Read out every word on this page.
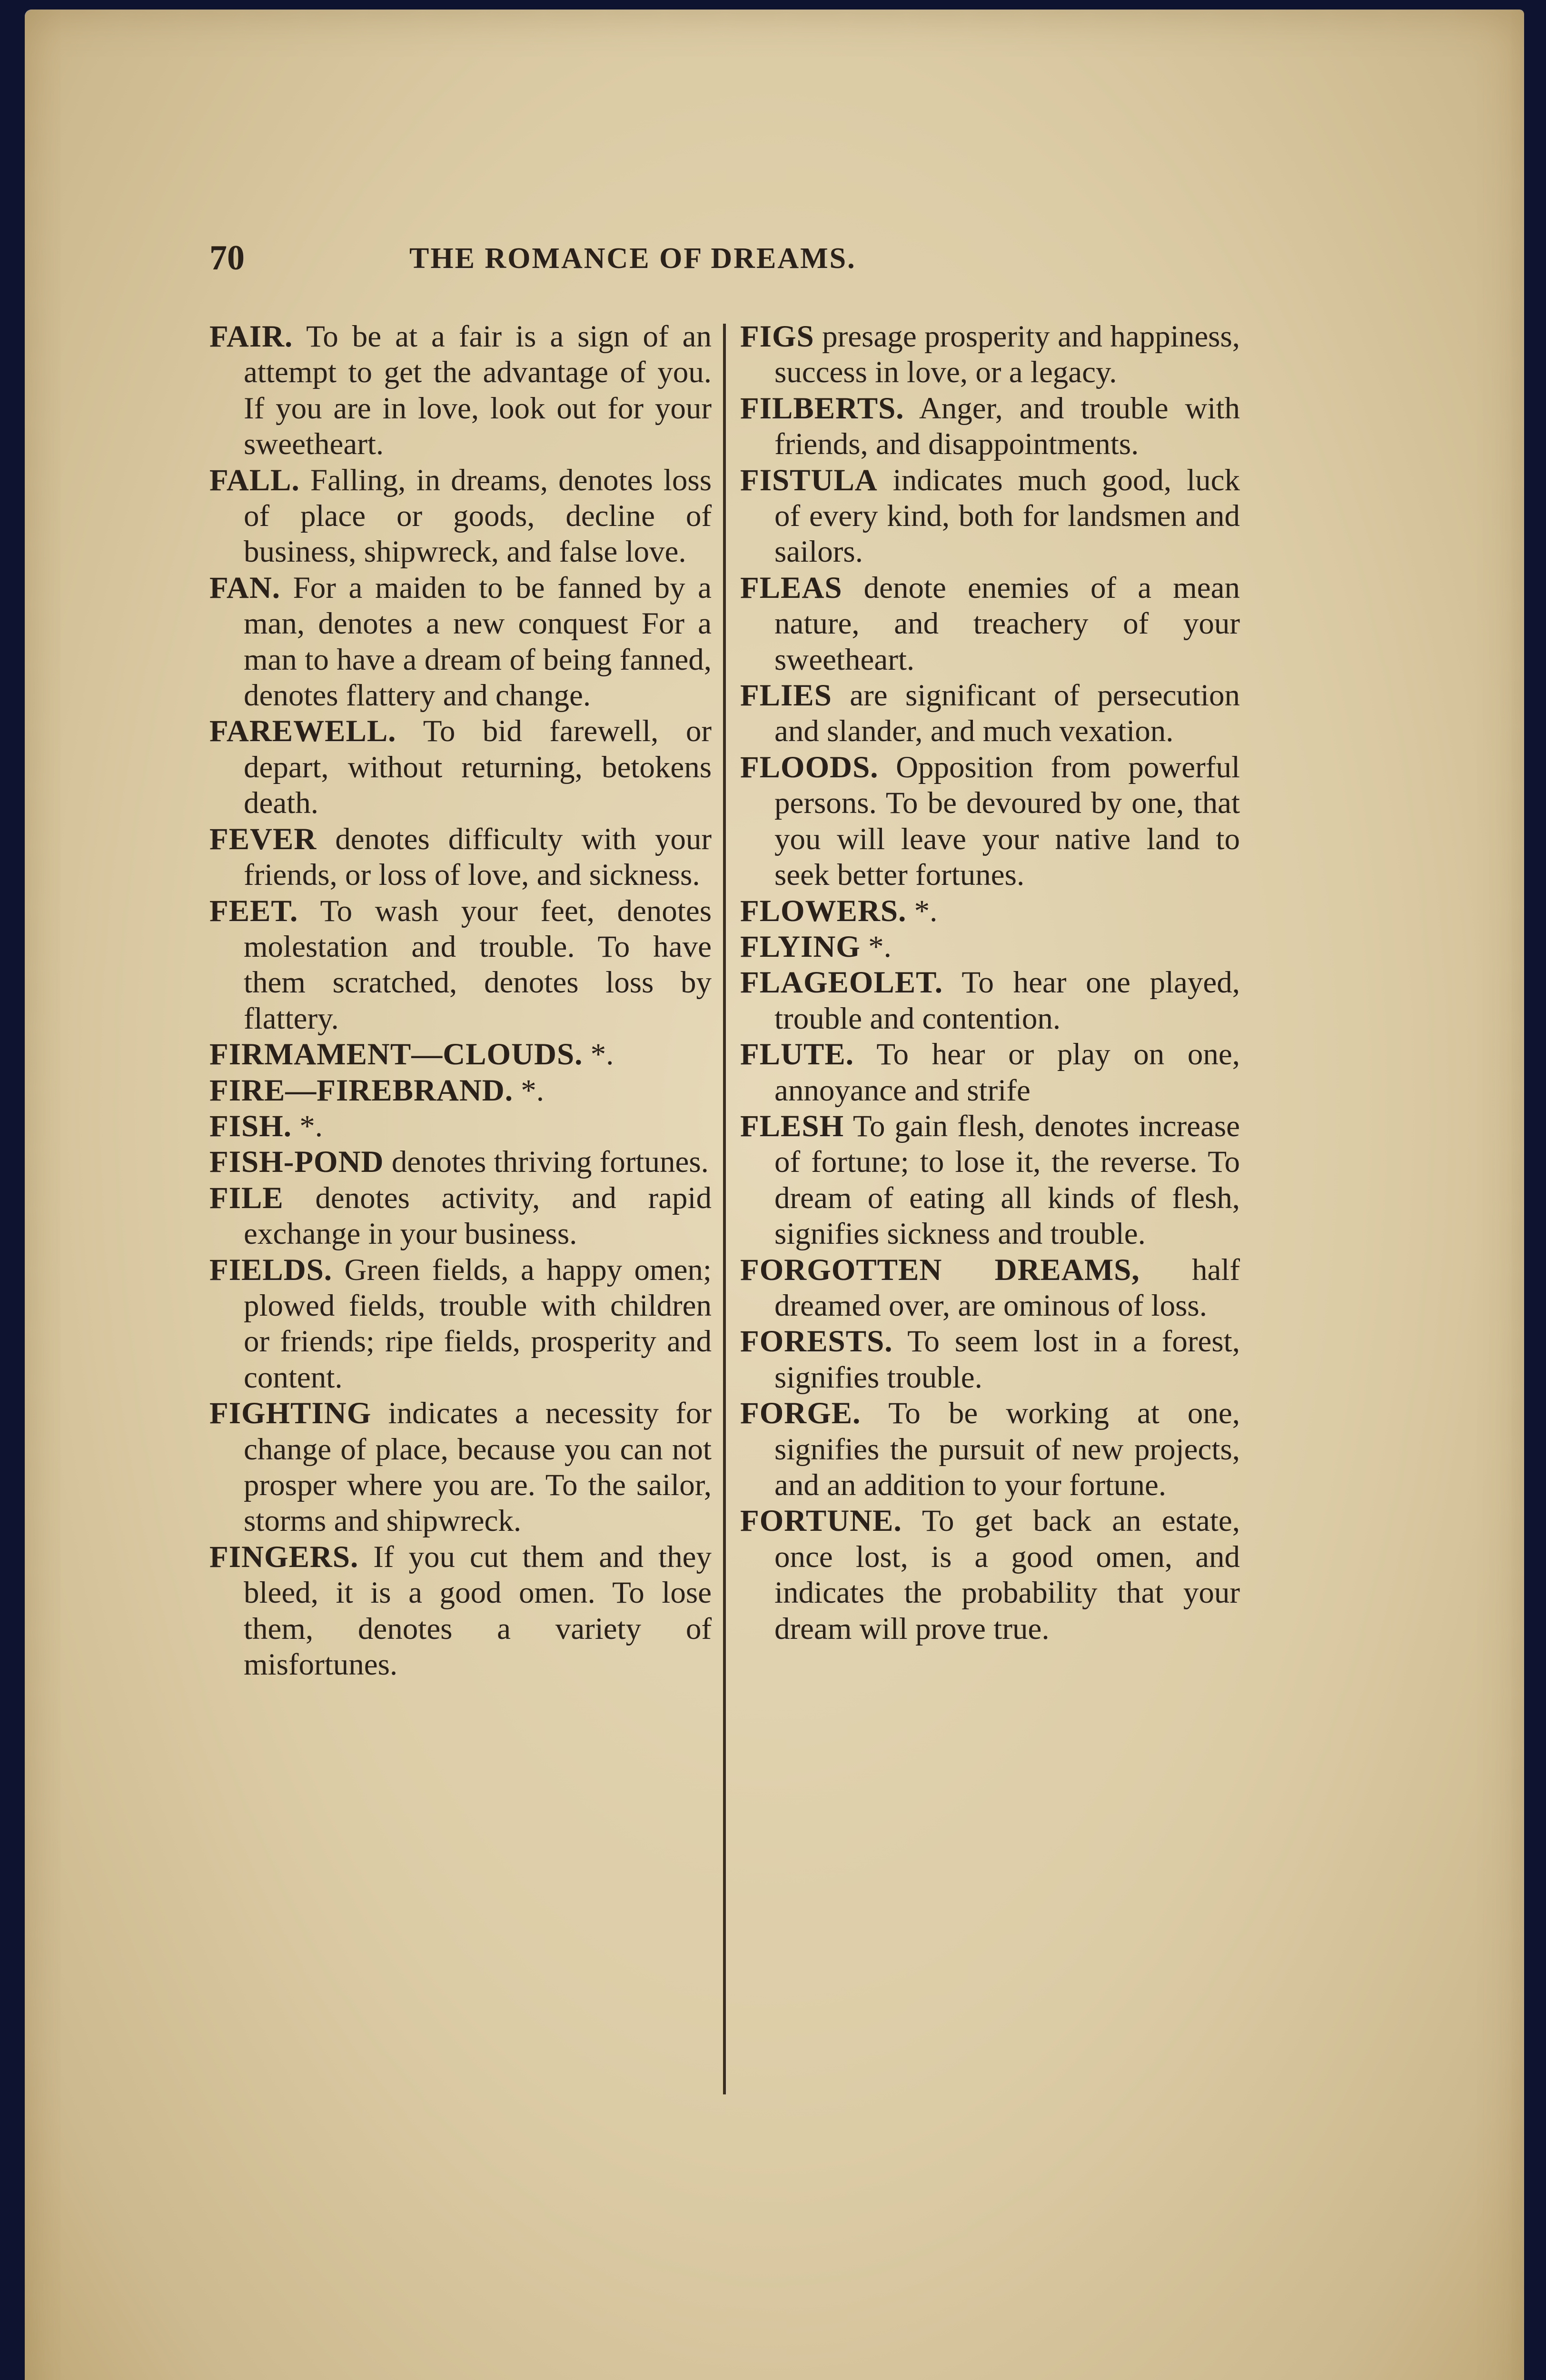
70	THE ROMANCE OF DREAMS.

FAIR. To be at a fair is a sign of an attempt to get the advantage of you. If you are in love, look out for your sweetheart.

FALL. Falling, in dreams, denotes loss of place or goods, decline of business, shipwreck, and false love.

FAN. For a maiden to be fanned by a man, denotes a new conquest For a man to have a dream of being fanned, denotes flattery and change.

FAREWELL. To bid farewell, or depart, without returning, betokens death.

FEVER denotes difficulty with your friends, or loss of love, and sickness.

FEET. To wash your feet, denotes molestation and trouble. To have them scratched, denotes loss by flattery.

FIRMAMENT—CLOUDS. *.

FIRE—FIREBRAND. *.

FISH. *.

FISH-POND denotes thriving fortunes.

FILE denotes activity, and rapid exchange in your business.

FIELDS. Green fields, a happy omen; plowed fields, trouble with children or friends; ripe fields, prosperity and content.

FIGHTING indicates a necessity for change of place, because you can not prosper where you are. To the sailor, storms and shipwreck.

FINGERS. If you cut them and they bleed, it is a good omen. To lose them, denotes a variety of misfortunes.

FIGS presage prosperity and happiness, success in love, or a legacy.

FILBERTS. Anger, and trouble with friends, and disappointments.

FISTULA indicates much good, luck of every kind, both for landsmen and sailors.

FLEAS denote enemies of a mean nature, and treachery of your sweetheart.

FLIES are significant of persecution and slander, and much vexation.

FLOODS. Opposition from powerful persons. To be devoured by one, that you will leave your native land to seek better fortunes.

FLOWERS. *.

FLYING *.

FLAGEOLET. To hear one played, trouble and contention.

FLUTE. To hear or play on one, annoyance and strife

FLESH To gain flesh, denotes increase of fortune; to lose it, the reverse. To dream of eating all kinds of flesh, signifies sickness and trouble.

FORGOTTEN DREAMS, half dreamed over, are ominous of loss.

FORESTS. To seem lost in a forest, signifies trouble.

FORGE. To be working at one, signifies the pursuit of new projects, and an addition to your fortune.

FORTUNE. To get back an estate, once lost, is a good omen, and indicates the probability that your dream will prove true.
